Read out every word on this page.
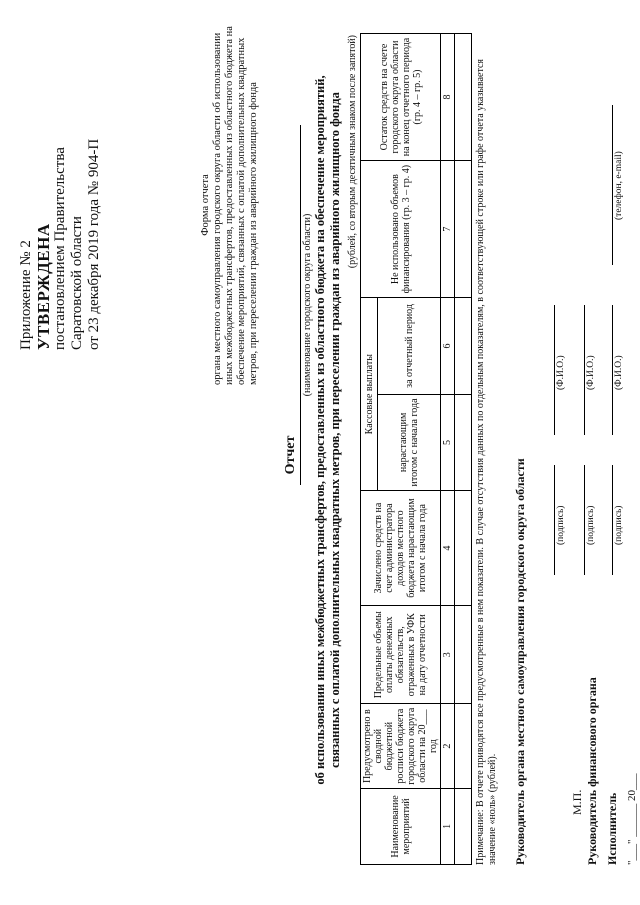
Приложение № 2 УТВЕРЖДЕНА постановлением Правительства Саратовской области от 23 декабря 2019 года № 904-П	Форма отчета органа местного самоуправления городского округа области об использовании иных межбюджетных трансфертов, предоставленных из областного бюджета на обеспечение мероприятий, связанных с оплатой дополнительных квадратных метров, при переселении граждан из аварийного жилищного фонда
Отчет
(наименование городского округа области) об использовании иных межбюджетных трансфертов, предоставленных из областного бюджета на обеспечение мероприятий, связанных с оплатой дополнительных квадратных метров, при переселении граждан из аварийного жилищного фонда (рублей, со вторым десятичным знаком после запятой)
Наименование мероприятий	Предусмотрено в сводной бюджетной росписи бюджета городского округа области на 20___ год	Предельные объемы оплаты денежных обязательств, отраженных в УФК на дату отчетности	Зачислено средств на счет администратора доходов местного бюджета нарастающим итогом с начала года	Кассовые выплаты		Не использовано объемов финансирования (гр. 3 – гр. 4)	Остаток средств на счете городского округа области на конец отчетного периода (гр. 4 – гр. 5)
				нарастающим итогом с начала года	за отчетный период		
1	2	3	4	5	6	7	8
							Примечание: В отчете приводятся все предусмотренные в нем показатели. В случае отсутствия данных по отдельным показателям, в соответствующей строке или графе отчета указывается значение «ноль» (рублей). Руководитель органа местного самоуправления городского округа области	(подпись)
(Ф.И.О.)
М.П. Руководитель финансового органа
(подпись)
(Ф.И.О.)
Исполнитель
(подпись)
(Ф.И.О.)
(телефон, e-mail)
"___" ______ 20___
